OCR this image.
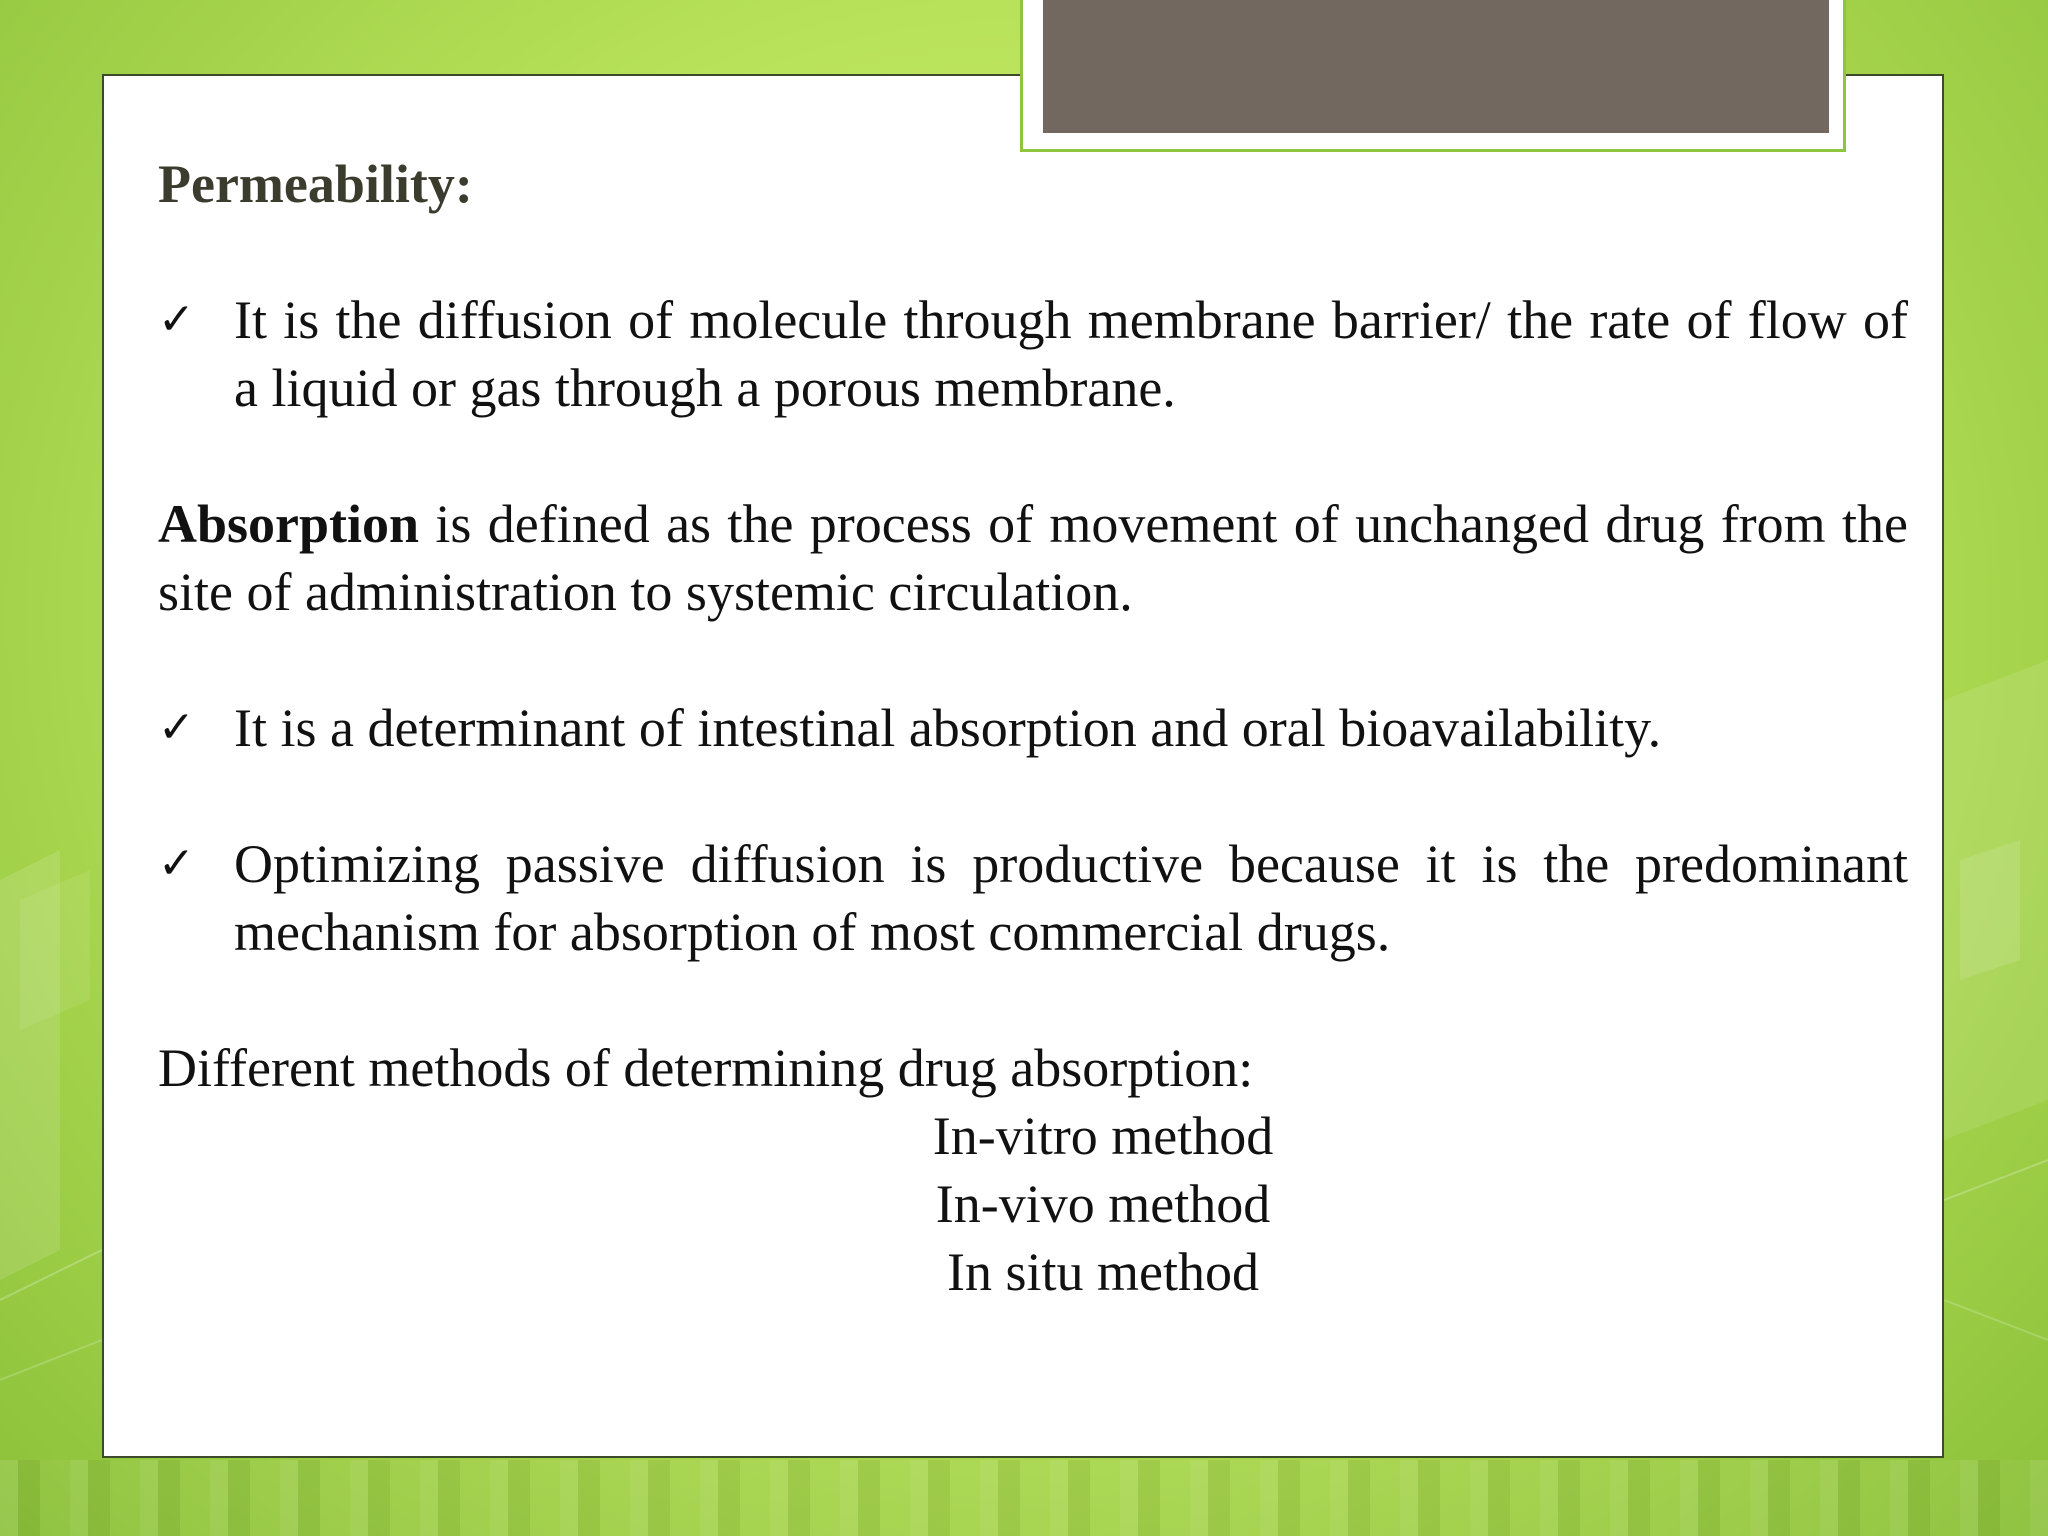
Permeability:
✓ It is the diffusion of molecule through membrane barrier/ the rate of flow of a liquid or gas through a porous membrane.
Absorption is defined as the process of movement of unchanged drug from the site of administration to systemic circulation.
✓ It is a determinant of intestinal absorption and oral bioavailability.
✓ Optimizing passive diffusion is productive because it is the predominant mechanism for absorption of most commercial drugs.
Different methods of determining drug absorption:
In-vitro method
In-vivo method
In situ method
